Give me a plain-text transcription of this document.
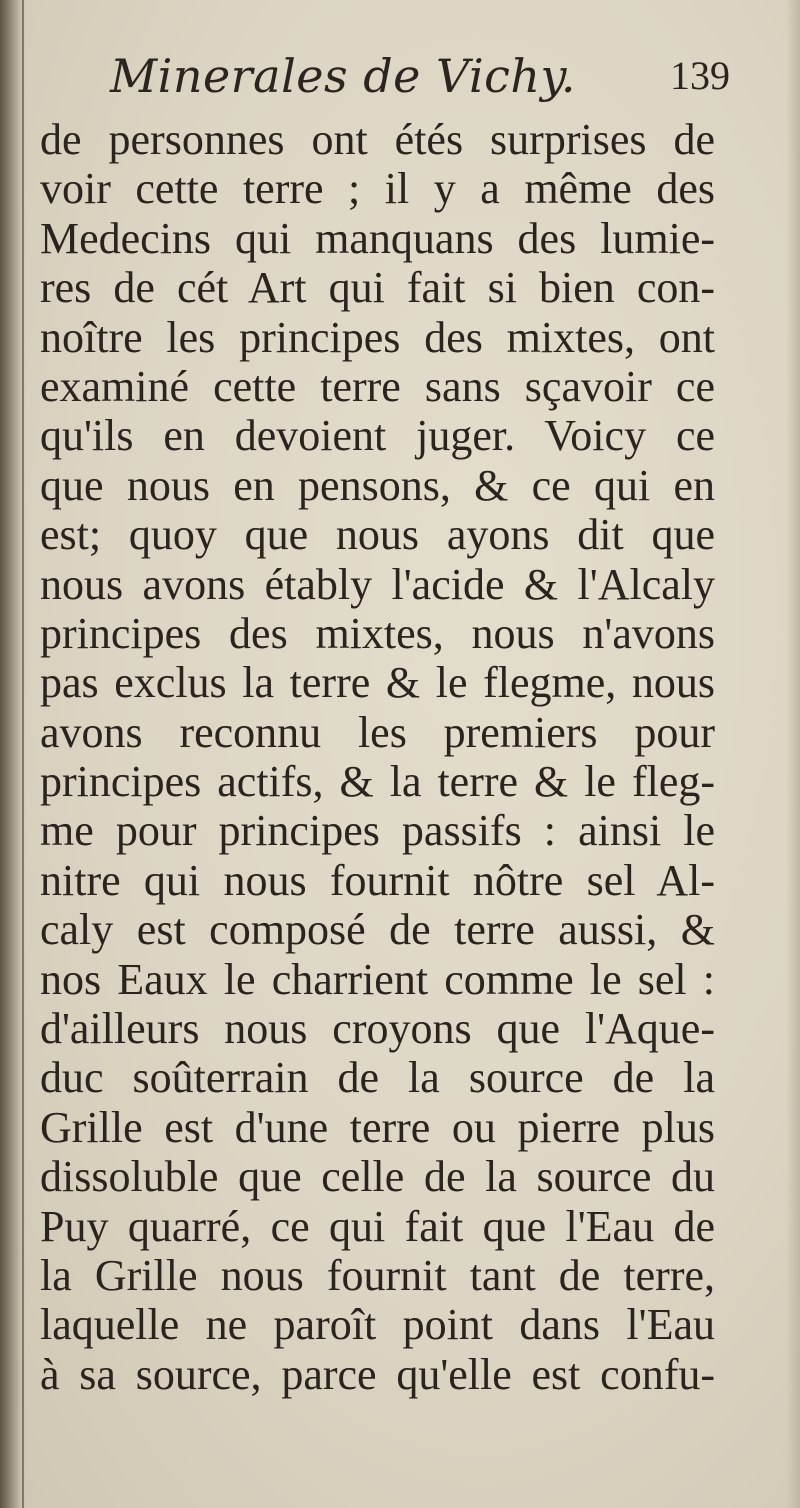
Minerales de Vichy. 139
de personnes ont étés surprises de
voir cette terre ; il y a même des
Medecins qui manquans des lumie-
res de cét Art qui fait si bien con-
noître les principes des mixtes, ont
examiné cette terre sans sçavoir ce
qu'ils en devoient juger. Voicy ce
que nous en pensons, & ce qui en
est; quoy que nous ayons dit que
nous avons étably l'acide & l'Alcaly
principes des mixtes, nous n'avons
pas exclus la terre & le flegme, nous
avons reconnu les premiers pour
principes actifs, & la terre & le fleg-
me pour principes passifs : ainsi le
nitre qui nous fournit nôtre sel Al-
caly est composé de terre aussi, &
nos Eaux le charrient comme le sel :
d'ailleurs nous croyons que l'Aque-
duc soûterrain de la source de la
Grille est d'une terre ou pierre plus
dissoluble que celle de la source du
Puy quarré, ce qui fait que l'Eau de
la Grille nous fournit tant de terre,
laquelle ne paroît point dans l'Eau
à sa source, parce qu'elle est confu-
